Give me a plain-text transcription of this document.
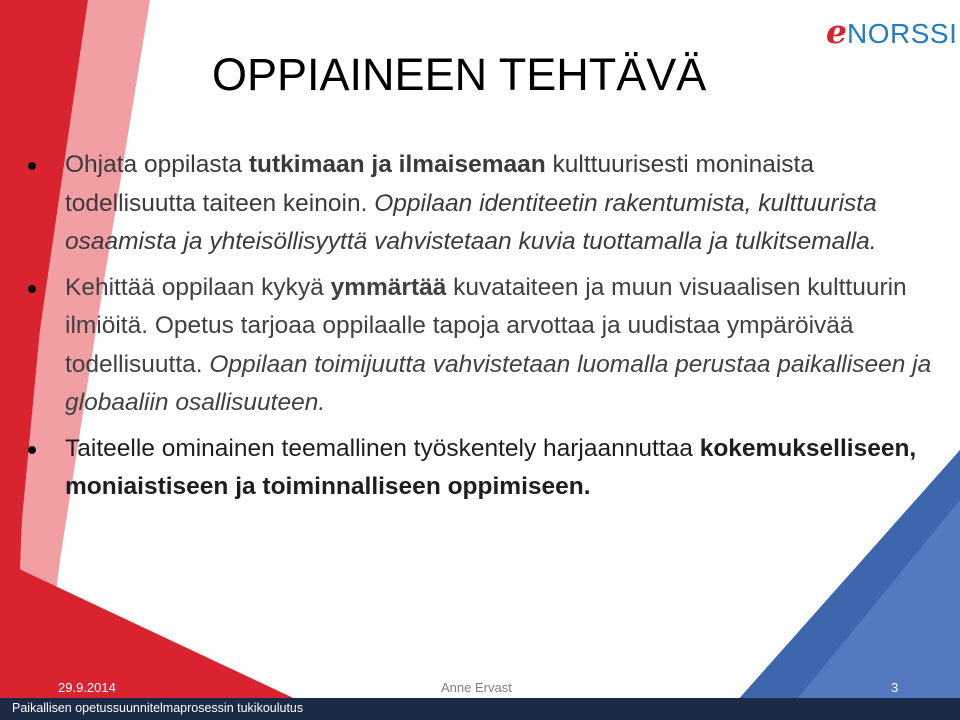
e NORSSI
OPPIAINEEN TEHTÄVÄ
Ohjata oppilasta tutkimaan ja ilmaisemaan kulttuurisesti moninaista todellisuutta taiteen keinoin. Oppilaan identiteetin rakentumista, kulttuurista osaamista ja yhteisöllisyyttä vahvistetaan kuvia tuottamalla ja tulkitsemalla.
Kehittää oppilaan kykyä ymmärtää kuvataiteen ja muun visuaalisen kulttuurin ilmiöitä. Opetus tarjoaa oppilaalle tapoja arvottaa ja uudistaa ympäröivää todellisuutta. Oppilaan toimijuutta vahvistetaan luomalla perustaa paikalliseen ja globaaliin osallisuuteen.
Taiteelle ominainen teemallinen työskentely harjaannuttaa kokemukselliseen, moniaistiseen ja toiminnalliseen oppimiseen.
29.9.2014	Anne Ervast	3
Paikallisen opetussuunnitelmaprosessin tukikoulutus
